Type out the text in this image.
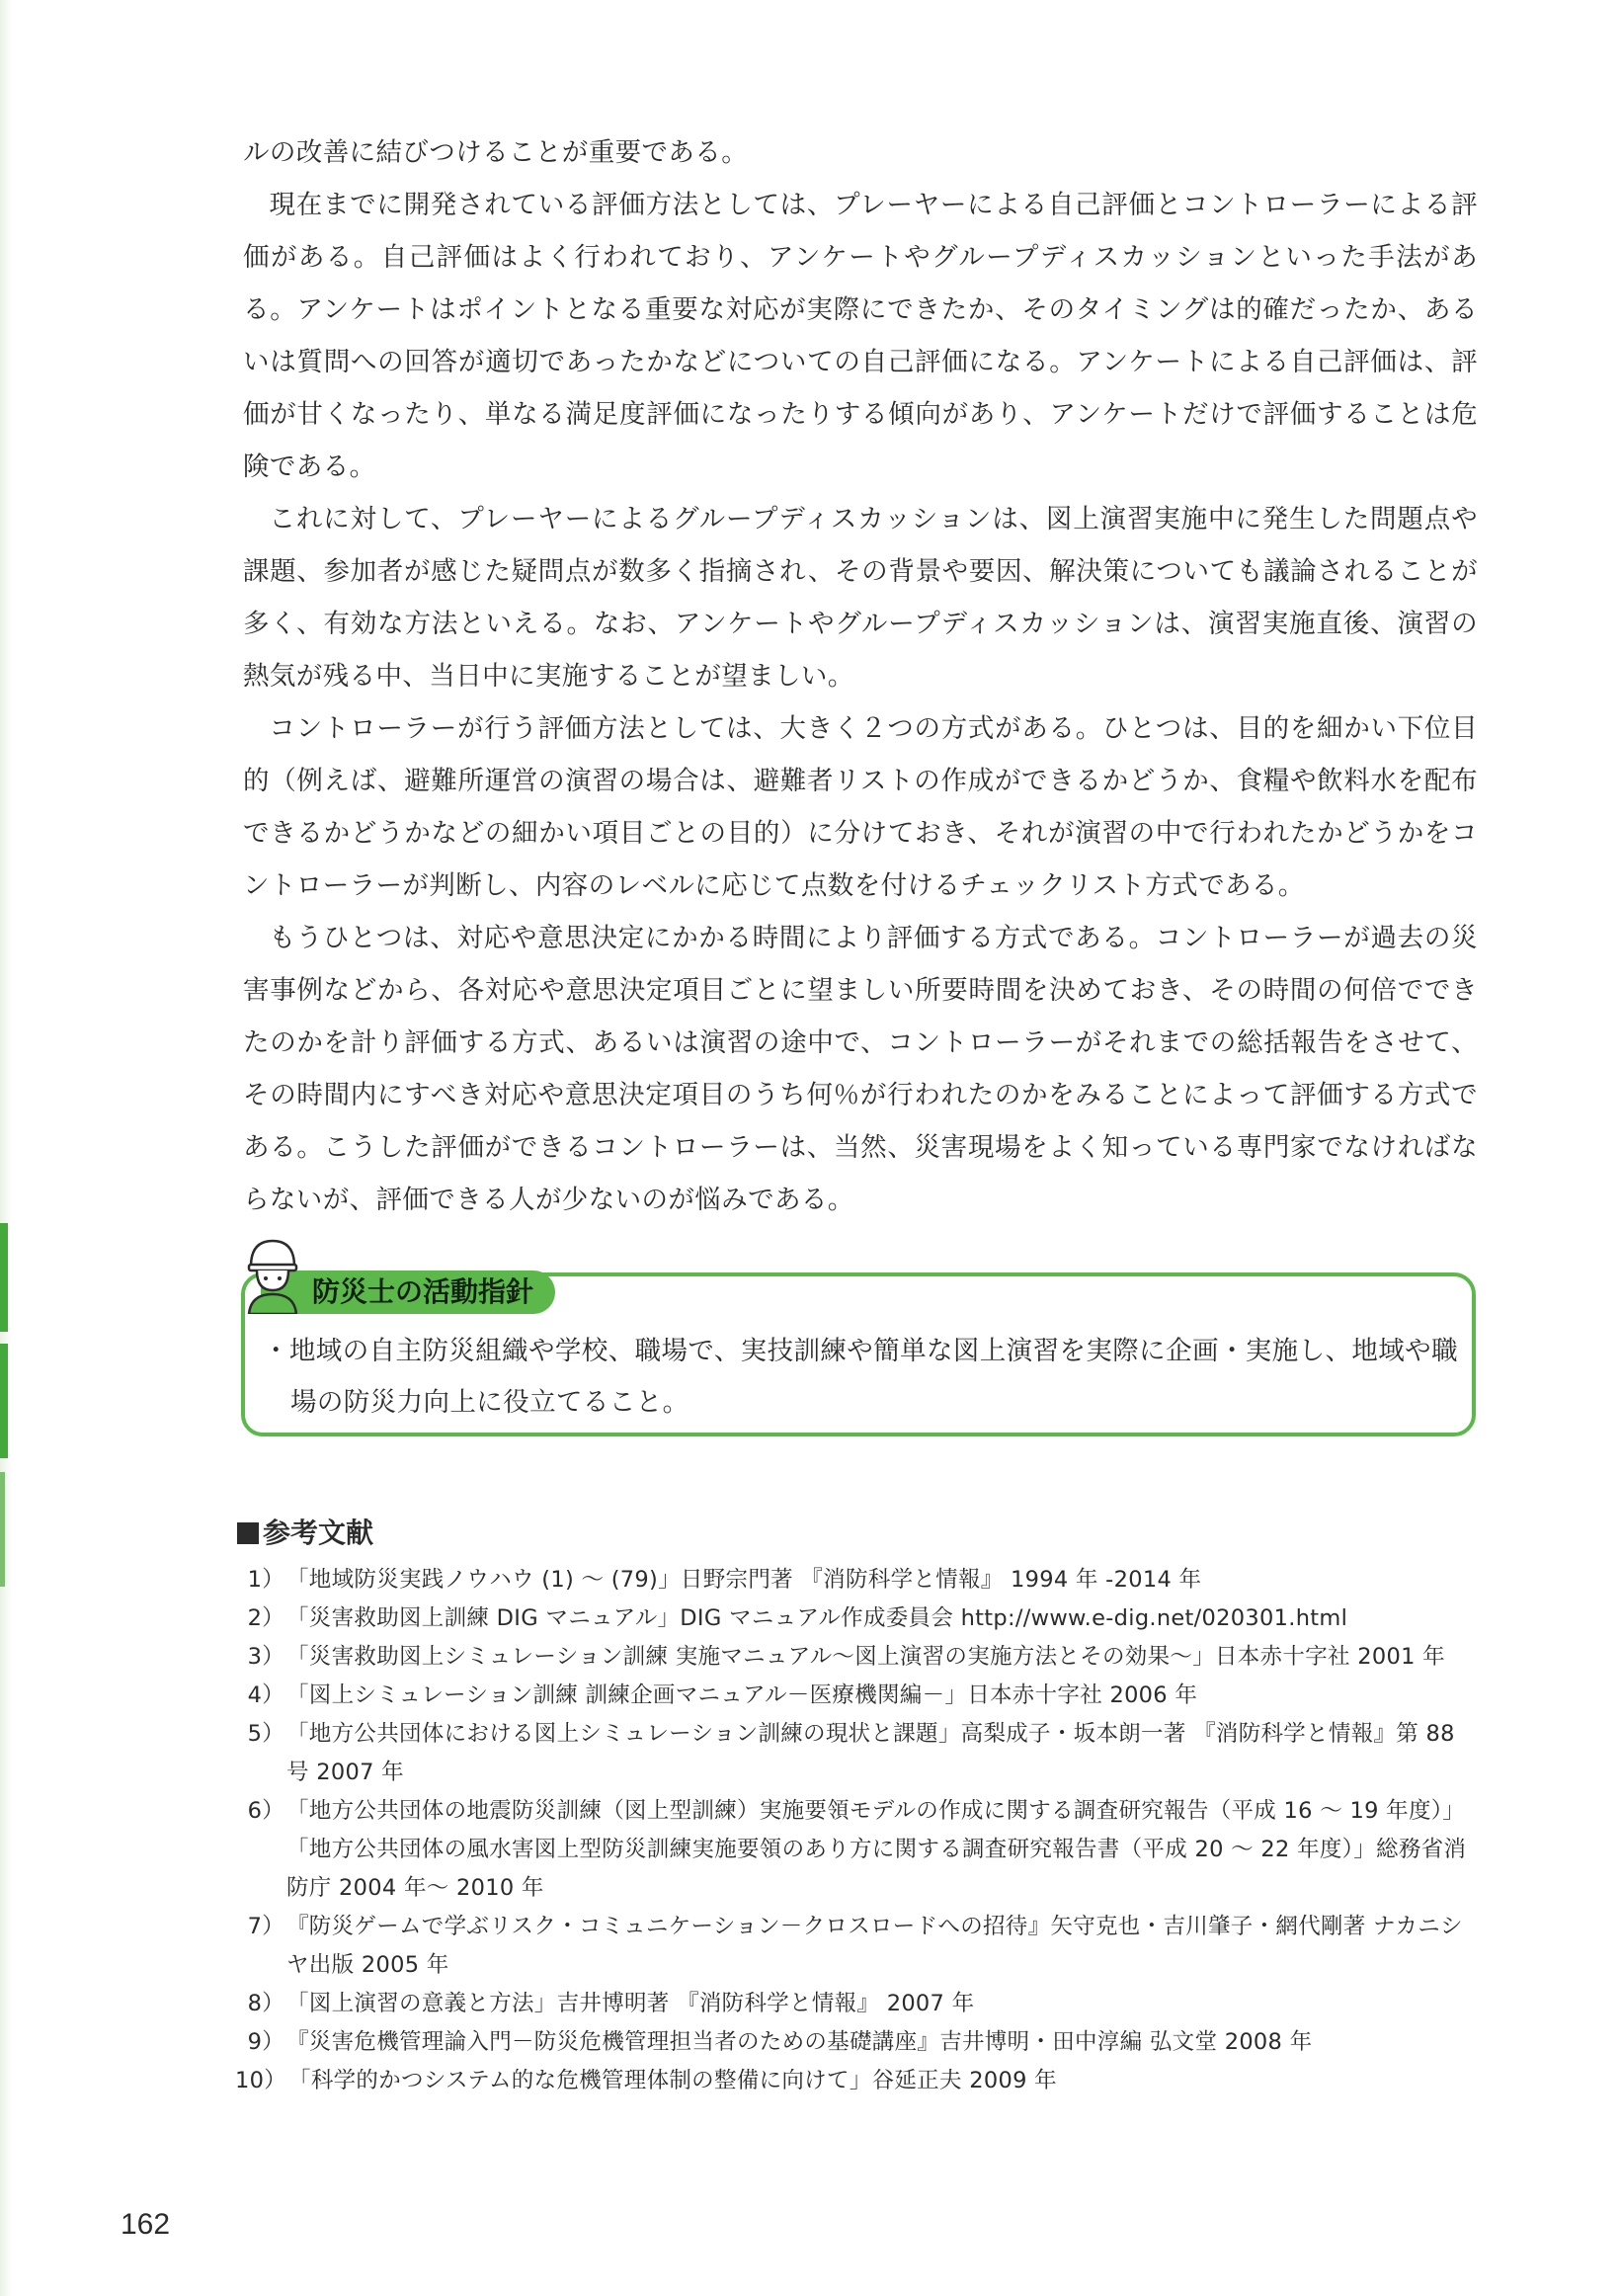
ルの改善に結びつけることが重要である。

現在までに開発されている評価方法としては、プレーヤーによる自己評価とコントローラーによる評価がある。自己評価はよく行われており、アンケートやグループディスカッションといった手法がある。アンケートはポイントとなる重要な対応が実際にできたか、そのタイミングは的確だったか、あるいは質問への回答が適切であったかなどについての自己評価になる。アンケートによる自己評価は、評価が甘くなったり、単なる満足度評価になったりする傾向があり、アンケートだけで評価することは危険である。

これに対して、プレーヤーによるグループディスカッションは、図上演習実施中に発生した問題点や課題、参加者が感じた疑問点が数多く指摘され、その背景や要因、解決策についても議論されることが多く、有効な方法といえる。なお、アンケートやグループディスカッションは、演習実施直後、演習の熱気が残る中、当日中に実施することが望ましい。

コントローラーが行う評価方法としては、大きく２つの方式がある。ひとつは、目的を細かい下位目的（例えば、避難所運営の演習の場合は、避難者リストの作成ができるかどうか、食糧や飲料水を配布できるかどうかなどの細かい項目ごとの目的）に分けておき、それが演習の中で行われたかどうかをコントローラーが判断し、内容のレベルに応じて点数を付けるチェックリスト方式である。

もうひとつは、対応や意思決定にかかる時間により評価する方式である。コントローラーが過去の災害事例などから、各対応や意思決定項目ごとに望ましい所要時間を決めておき、その時間の何倍でできたのかを計り評価する方式、あるいは演習の途中で、コントローラーがそれまでの総括報告をさせて、その時間内にすべき対応や意思決定項目のうち何％が行われたのかをみることによって評価する方式である。こうした評価ができるコントローラーは、当然、災害現場をよく知っている専門家でなければならないが、評価できる人が少ないのが悩みである。

防災士の活動指針
・地域の自主防災組織や学校、職場で、実技訓練や簡単な図上演習を実際に企画・実施し、地域や職場の防災力向上に役立てること。
参考文献
1） 「地域防災実践ノウハウ (1) ～ (79)」日野宗門著 『消防科学と情報』 1994 年 -2014 年
2） 「災害救助図上訓練 DIG マニュアル」DIG マニュアル作成委員会 http://www.e-dig.net/020301.html
3） 「災害救助図上シミュレーション訓練 実施マニュアル～図上演習の実施方法とその効果～」日本赤十字社 2001 年
4） 「図上シミュレーション訓練 訓練企画マニュアル－医療機関編－」日本赤十字社 2006 年
5） 「地方公共団体における図上シミュレーション訓練の現状と課題」高梨成子・坂本朗一著 『消防科学と情報』第 88 号 2007 年
6） 「地方公共団体の地震防災訓練（図上型訓練）実施要領モデルの作成に関する調査研究報告（平成 16 ～ 19 年度）」「地方公共団体の風水害図上型防災訓練実施要領のあり方に関する調査研究報告書（平成 20 ～ 22 年度）」総務省消防庁 2004 年～ 2010 年
7） 『防災ゲームで学ぶリスク・コミュニケーション－クロスロードへの招待』矢守克也・吉川肇子・網代剛著 ナカニシヤ出版 2005 年
8） 「図上演習の意義と方法」吉井博明著 『消防科学と情報』 2007 年
9） 『災害危機管理論入門－防災危機管理担当者のための基礎講座』吉井博明・田中淳編 弘文堂 2008 年
10） 「科学的かつシステム的な危機管理体制の整備に向けて」谷延正夫 2009 年
162
